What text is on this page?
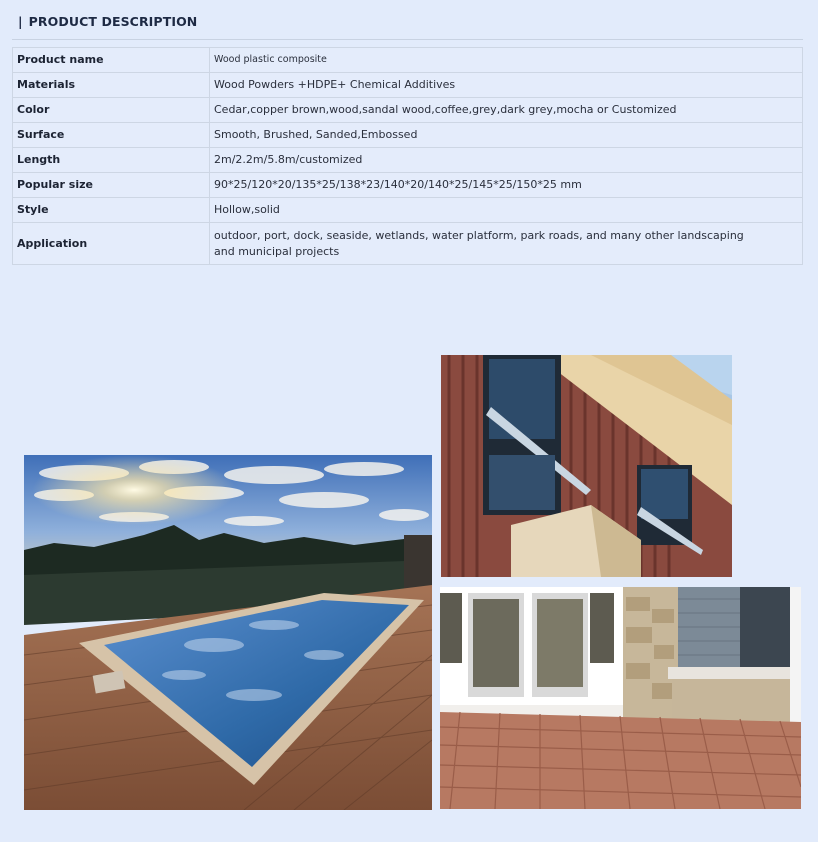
| PRODUCT DESCRIPTION
Product name	Wood plastic composite
Materials	Wood Powders +HDPE+ Chemical Additives
Color	Cedar,copper brown,wood,sandal wood,coffee,grey,dark grey,mocha or Customized
Surface	Smooth, Brushed, Sanded,Embossed
Length	2m/2.2m/5.8m/customized
Popular size	90*25/120*20/135*25/138*23/140*20/140*25/145*25/150*25 mm
Style	Hollow,solid
Application	outdoor, port, dock, seaside, wetlands, water platform, park roads, and many other landscaping
and municipal projects
